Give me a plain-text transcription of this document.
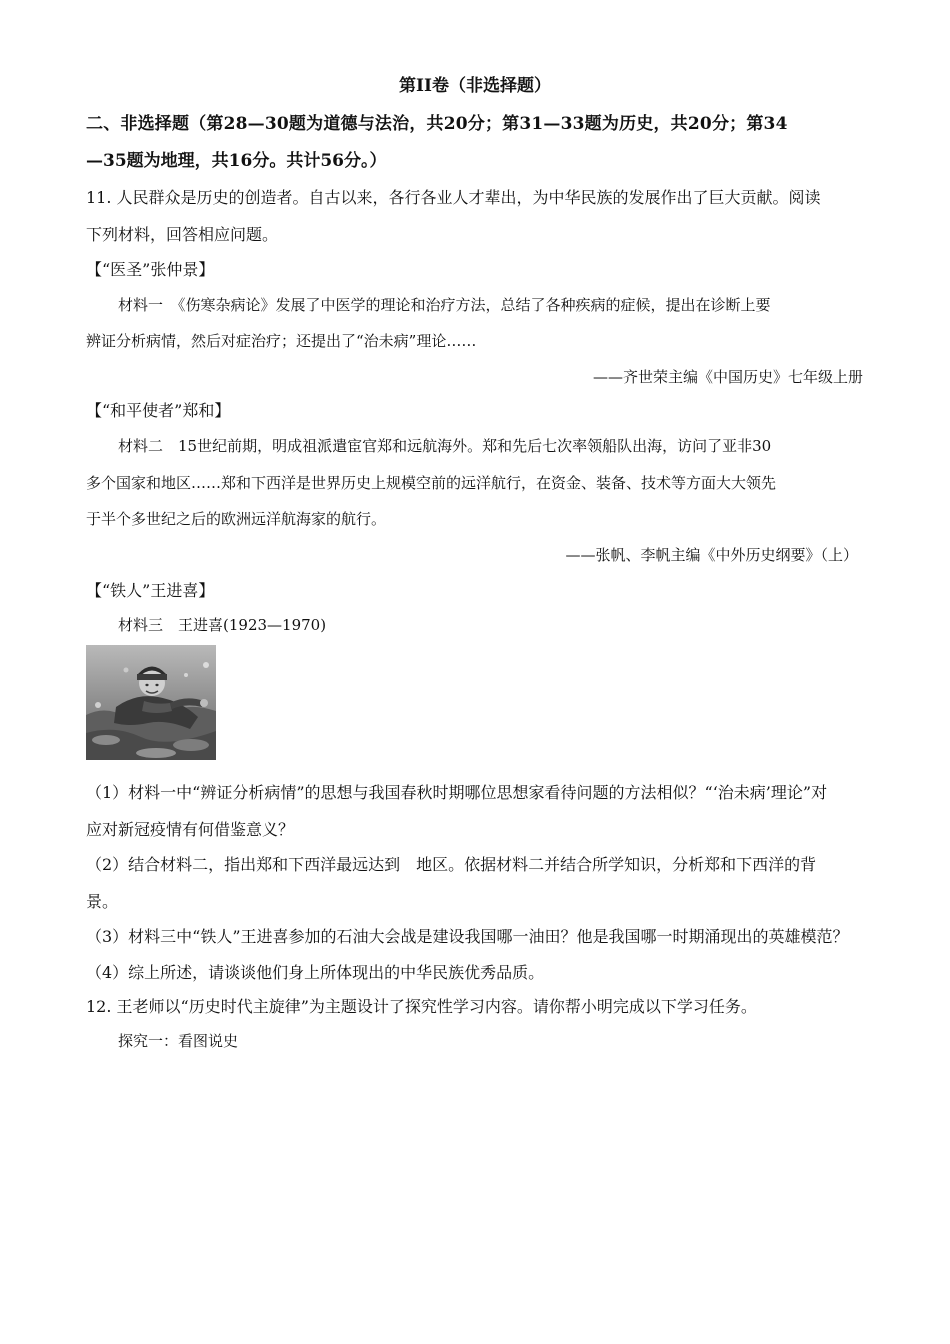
第II卷（非选择题）
二、非选择题（第28—30题为道德与法治，共20分；第31—33题为历史，共20分；第34
—35题为地理，共16分。共计56分。）
11. 人民群众是历史的创造者。自古以来，各行各业人才辈出，为中华民族的发展作出了巨大贡献。阅读
下列材料，回答相应问题。
【“医圣”张仲景】
材料一　《伤寒杂病论》发展了中医学的理论和治疗方法，总结了各种疾病的症候，提出在诊断上要
辨证分析病情，然后对症治疗；还提出了“治未病”理论……
——齐世荣主编《中国历史》七年级上册
【“和平使者”郑和】
材料二　15世纪前期，明成祖派遣宦官郑和远航海外。郑和先后七次率领船队出海，访问了亚非30
多个国家和地区……郑和下西洋是世界历史上规模空前的远洋航行，在资金、装备、技术等方面大大领先
于半个多世纪之后的欧洲远洋航海家的航行。
——张帆、李帆主编《中外历史纲要》（上）
【“铁人”王进喜】
材料三　王进喜(1923—1970)
（1）材料一中“辨证分析病情”的思想与我国春秋时期哪位思想家看待问题的方法相似？“‘治未病’理论”对
应对新冠疫情有何借鉴意义？
（2）结合材料二，指出郑和下西洋最远达到　地区。依据材料二并结合所学知识，分析郑和下西洋的背
景。
（3）材料三中“铁人”王进喜参加的石油大会战是建设我国哪一油田？他是我国哪一时期涌现出的英雄模范？
（4）综上所述，请谈谈他们身上所体现出的中华民族优秀品质。
12. 王老师以“历史时代主旋律”为主题设计了探究性学习内容。请你帮小明完成以下学习任务。
探究一：看图说史
